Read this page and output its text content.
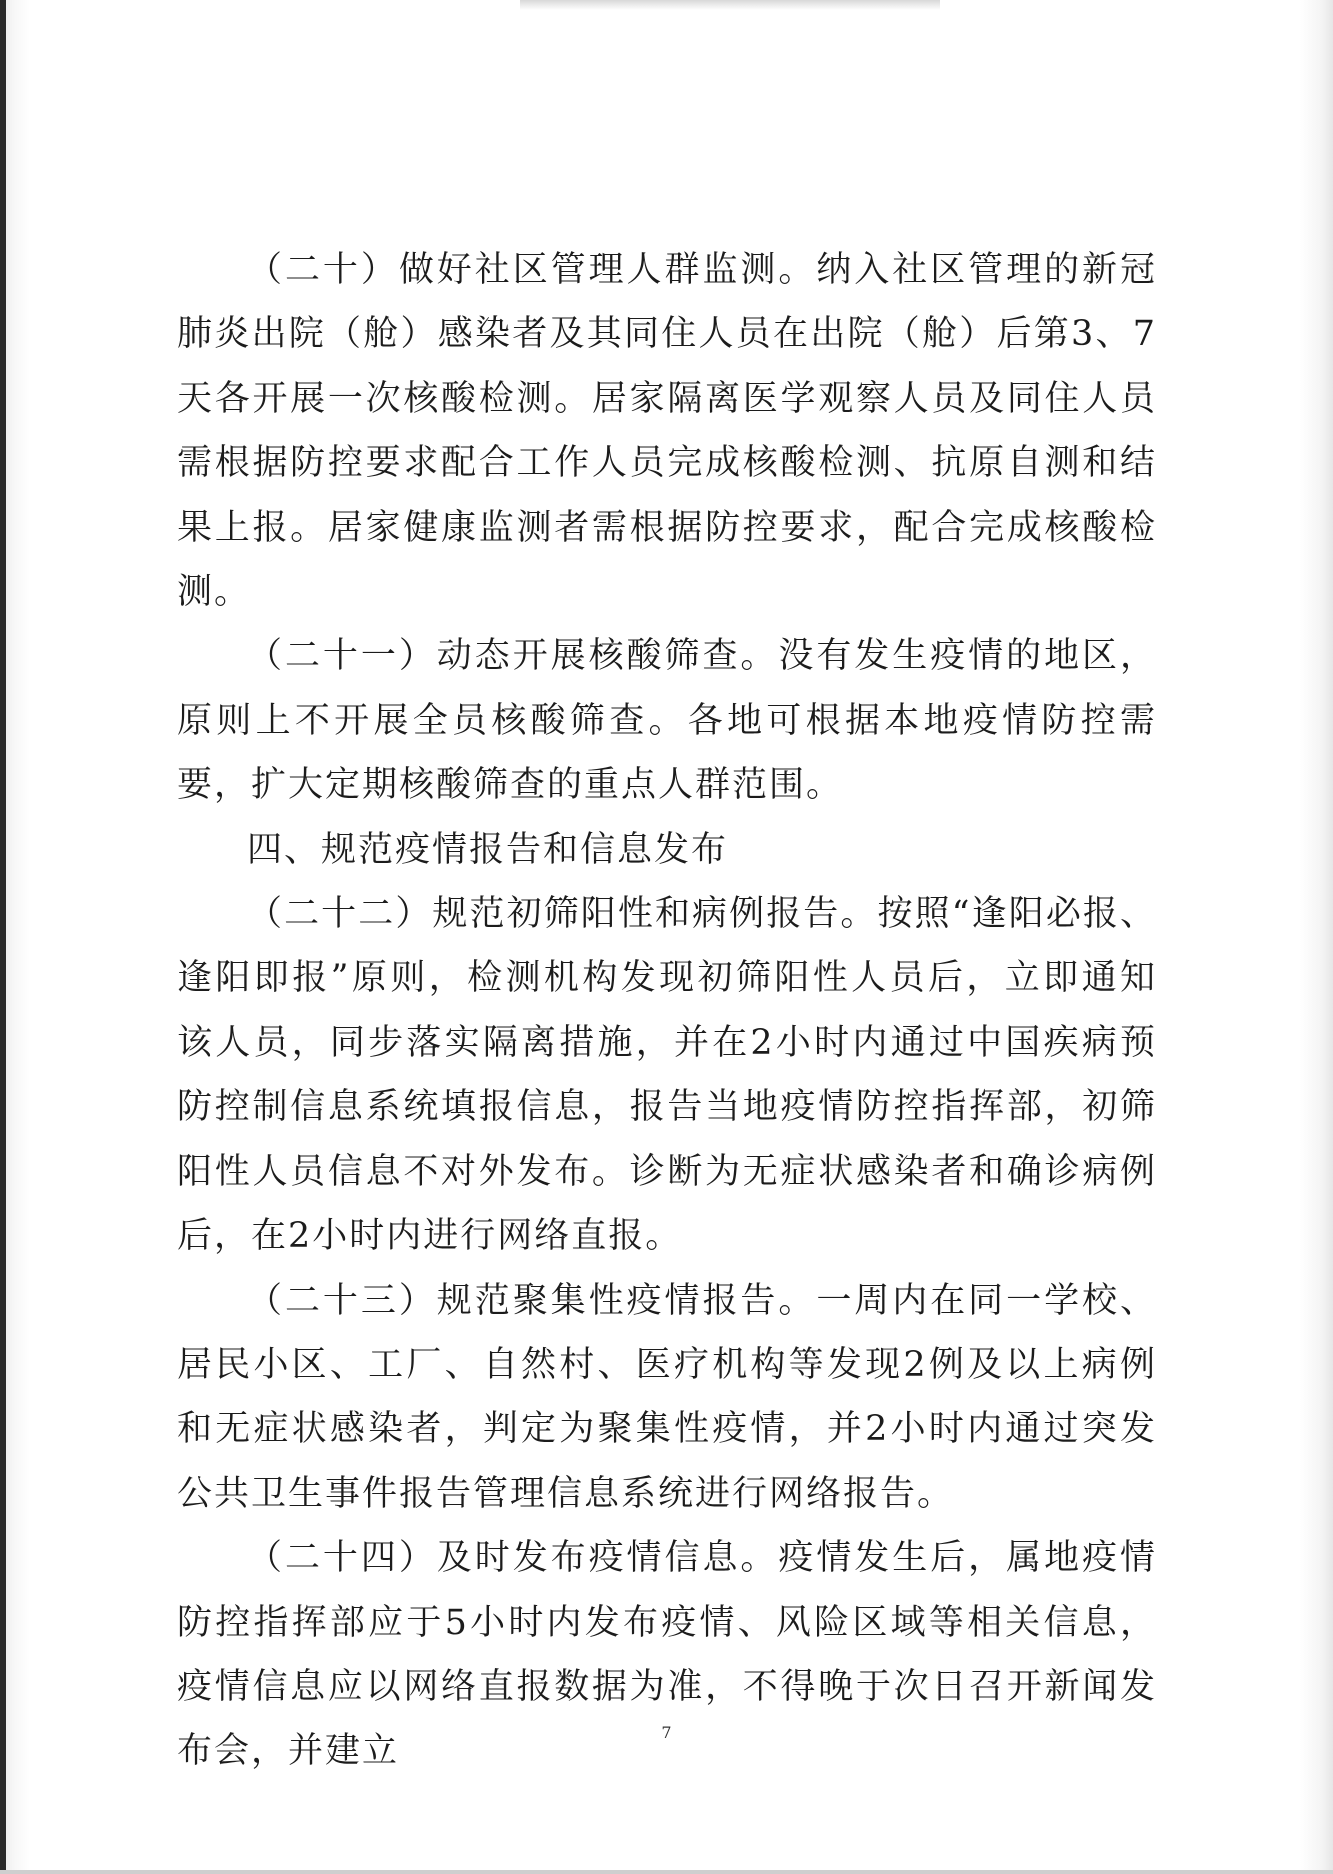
（二十）做好社区管理人群监测。纳入社区管理的新冠肺炎出院（舱）感染者及其同住人员在出院（舱）后第3、7天各开展一次核酸检测。居家隔离医学观察人员及同住人员需根据防控要求配合工作人员完成核酸检测、抗原自测和结果上报。居家健康监测者需根据防控要求，配合完成核酸检测。

（二十一）动态开展核酸筛查。没有发生疫情的地区，原则上不开展全员核酸筛查。各地可根据本地疫情防控需要，扩大定期核酸筛查的重点人群范围。

四、规范疫情报告和信息发布

（二十二）规范初筛阳性和病例报告。按照“逢阳必报、逢阳即报”原则，检测机构发现初筛阳性人员后，立即通知该人员，同步落实隔离措施，并在2小时内通过中国疾病预防控制信息系统填报信息，报告当地疫情防控指挥部，初筛阳性人员信息不对外发布。诊断为无症状感染者和确诊病例后，在2小时内进行网络直报。

（二十三）规范聚集性疫情报告。一周内在同一学校、居民小区、工厂、自然村、医疗机构等发现2例及以上病例和无症状感染者，判定为聚集性疫情，并2小时内通过突发公共卫生事件报告管理信息系统进行网络报告。

（二十四）及时发布疫情信息。疫情发生后，属地疫情防控指挥部应于5小时内发布疫情、风险区域等相关信息，疫情信息应以网络直报数据为准，不得晚于次日召开新闻发布会，并建立	7
